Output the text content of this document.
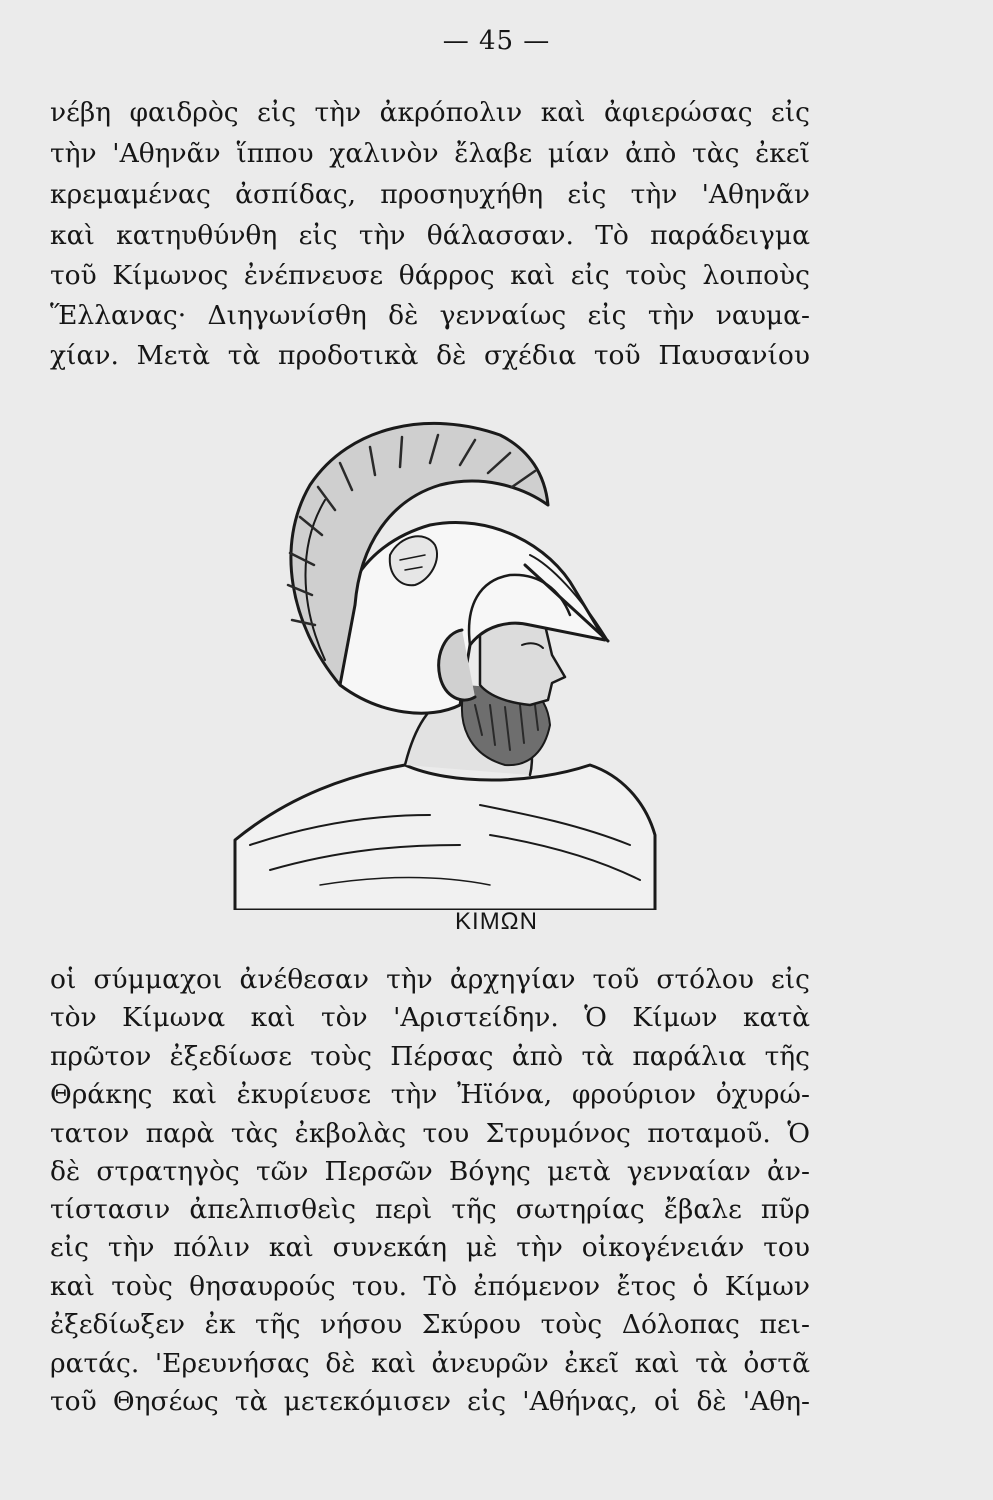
— 45 —
νέβη φαιδρὸς εἰς τὴν ἀκρόπολιν καὶ ἀφιερώσας εἰς
τὴν 'Αθηνᾶν ἵππου χαλινὸν ἔλαβε μίαν ἀπὸ τὰς ἐκεῖ
κρεμαμένας ἀσπίδας, προσηυχήθη εἰς τὴν 'Αθηνᾶν
καὶ κατηυθύνθη εἰς τὴν θάλασσαν. Τὸ παράδειγμα
τοῦ Κίμωνος ἐνέπνευσε θάρρος καὶ εἰς τοὺς λοιποὺς
Ἕλλανας· Διηγωνίσθη δὲ γενναίως εἰς τὴν ναυμα-
χίαν. Μετὰ τὰ προδοτικὰ δὲ σχέδια τοῦ Παυσανίου
ΚΙΜΩΝ
οἱ σύμμαχοι ἀνέθεσαν τὴν ἀρχηγίαν τοῦ στόλου εἰς
τὸν Κίμωνα καὶ τὸν 'Αριστείδην. Ὁ Κίμων κατὰ
πρῶτον ἐξεδίωσε τοὺς Πέρσας ἀπὸ τὰ παράλια τῆς
Θράκης καὶ ἐκυρίευσε τὴν Ἠϊόνα, φρούριον ὀχυρώ-
τατον παρὰ τὰς ἐκβολὰς του Στρυμόνος ποταμοῦ. Ὁ
δὲ στρατηγὸς τῶν Περσῶν Βόγης μετὰ γενναίαν ἀν-
τίστασιν ἀπελπισθεὶς περὶ τῆς σωτηρίας ἔβαλε πῦρ
εἰς τὴν πόλιν καὶ συνεκάη μὲ τὴν οἰκογένειάν του
καὶ τοὺς θησαυρούς του. Τὸ ἐπόμενον ἔτος ὁ Κίμων
ἐξεδίωξεν ἐκ τῆς νήσου Σκύρου τοὺς Δόλοπας πει-
ρατάς. 'Ερευνήσας δὲ καὶ ἀνευρῶν ἐκεῖ καὶ τὰ ὀστᾶ
τοῦ Θησέως τὰ μετεκόμισεν εἰς 'Αθήνας, οἱ δὲ 'Αθη-
